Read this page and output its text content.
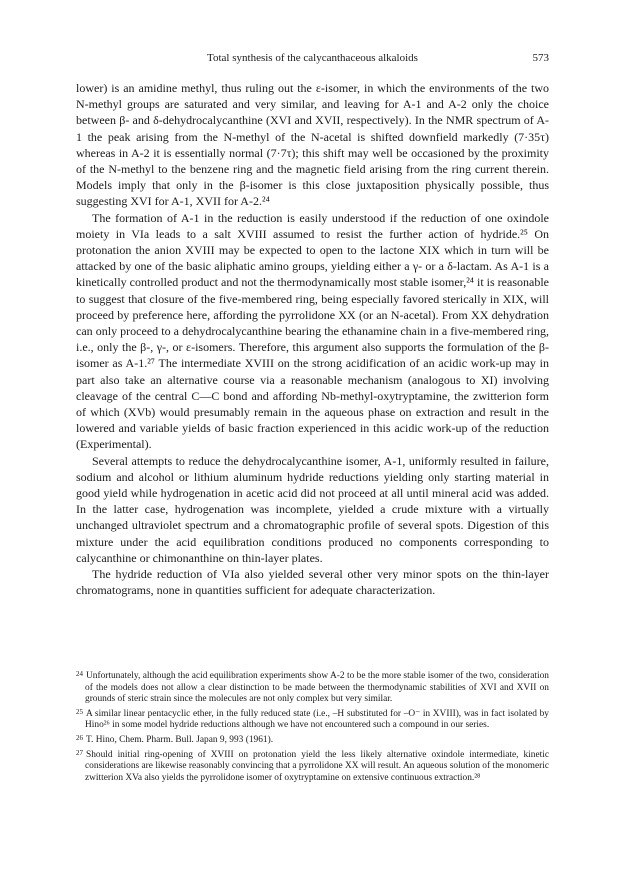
Total synthesis of the calycanthaceous alkaloids	573

lower) is an amidine methyl, thus ruling out the ε-isomer, in which the environments of the two N-methyl groups are saturated and very similar, and leaving for A-1 and A-2 only the choice between β- and δ-dehydrocalycanthine (XVI and XVII, respectively). In the NMR spectrum of A-1 the peak arising from the N-methyl of the N-acetal is shifted downfield markedly (7·35τ) whereas in A-2 it is essentially normal (7·7τ); this shift may well be occasioned by the proximity of the N-methyl to the benzene ring and the magnetic field arising from the ring current therein. Models imply that only in the β-isomer is this close juxtaposition physically possible, thus suggesting XVI for A-1, XVII for A-2.²⁴

The formation of A-1 in the reduction is easily understood if the reduction of one oxindole moiety in VIa leads to a salt XVIII assumed to resist the further action of hydride.²⁵ On protonation the anion XVIII may be expected to open to the lactone XIX which in turn will be attacked by one of the basic aliphatic amino groups, yielding either a γ- or a δ-lactam. As A-1 is a kinetically controlled product and not the thermodynamically most stable isomer,²⁴ it is reasonable to suggest that closure of the five-membered ring, being especially favored sterically in XIX, will proceed by preference here, affording the pyrrolidone XX (or an N-acetal). From XX dehydration can only proceed to a dehydrocalycanthine bearing the ethanamine chain in a five-membered ring, i.e., only the β-, γ-, or ε-isomers. Therefore, this argument also supports the formulation of the β-isomer as A-1.²⁷ The intermediate XVIII on the strong acidification of an acidic work-up may in part also take an alternative course via a reasonable mechanism (analogous to XI) involving cleavage of the central C—C bond and affording Nb-methyl-oxytryptamine, the zwitterion form of which (XVb) would presumably remain in the aqueous phase on extraction and result in the lowered and variable yields of basic fraction experienced in this acidic work-up of the reduction (Experimental).

Several attempts to reduce the dehydrocalycanthine isomer, A-1, uniformly resulted in failure, sodium and alcohol or lithium aluminum hydride reductions yielding only starting material in good yield while hydrogenation in acetic acid did not proceed at all until mineral acid was added. In the latter case, hydrogenation was incomplete, yielded a crude mixture with a virtually unchanged ultraviolet spectrum and a chromatographic profile of several spots. Digestion of this mixture under the acid equilibration conditions produced no components corresponding to calycanthine or chimonanthine on thin-layer plates.

The hydride reduction of VIa also yielded several other very minor spots on the thin-layer chromatograms, none in quantities sufficient for adequate characterization.

$^{24}$ Unfortunately, although the acid equilibration experiments show A-2 to be the more stable isomer of the two, consideration of the models does not allow a clear distinction to be made between the thermodynamic stabilities of XVI and XVII on grounds of steric strain since the molecules are not only complex but very similar.

$^{25}$ A similar linear pentacyclic ether, in the fully reduced state (i.e., –H substituted for –O⁻ in XVIII), was in fact isolated by Hino²⁶ in some model hydride reductions although we have not encountered such a compound in our series.

$^{26}$ T. Hino, Chem. Pharm. Bull. Japan 9, 993 (1961).

$^{27}$ Should initial ring-opening of XVIII on protonation yield the less likely alternative oxindole intermediate, kinetic considerations are likewise reasonably convincing that a pyrrolidone XX will result. An aqueous solution of the monomeric zwitterion XVa also yields the pyrrolidone isomer of oxytryptamine on extensive continuous extraction.²⁸
